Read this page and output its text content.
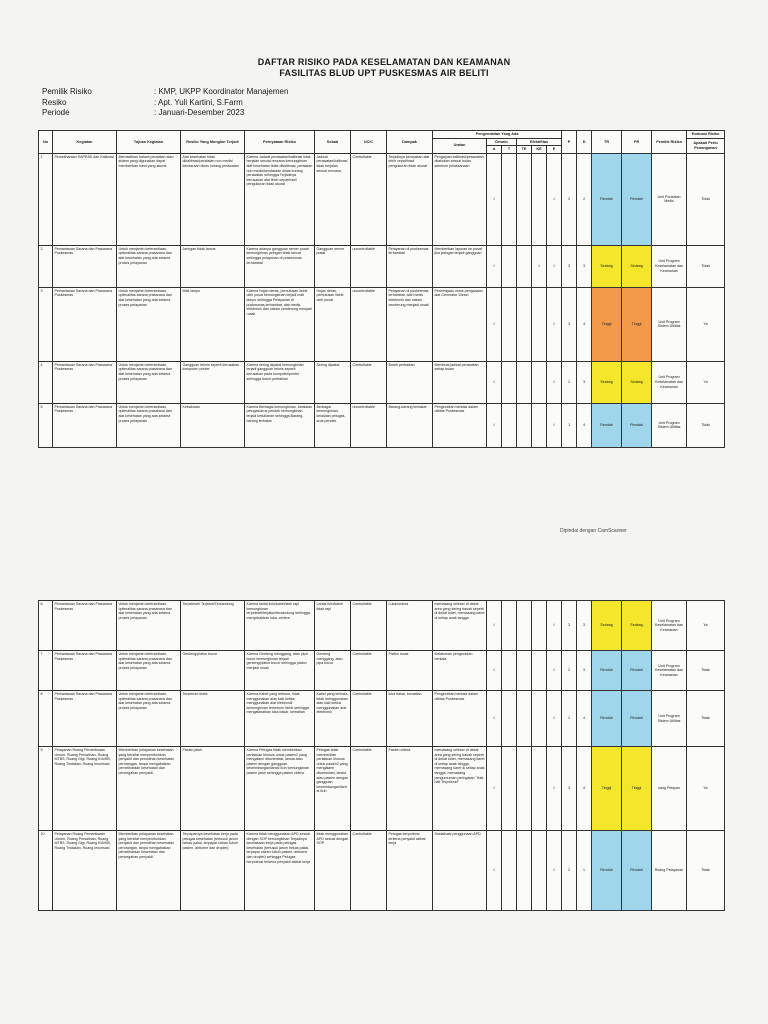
DAFTAR RISIKO PADA KESELAMATAN DAN KEAMANAN
FASILITAS BLUD UPT PUSKESMAS AIR BELITI
Pemilik Risiko	: KMP, UKPP Koordinator Manajemen
Resiko	: Apt. Yuli Kartini, S.Farm
Periode	: Januari-Desember 2023
No	Kegiatan	Tujuan Kegiatan	Resiko Yang Mungkin Terjadi	Pernyataan Risiko	Sebab	UC/C	Dampak	Pengendalian Yang Ada						P	D	TR	PR	Pemilik Risiko	Evaluasi Risiko
								Uraian	Desain		Efektifitas								Apakah Perlu Penanganan
									A	T	TE	KE	E						
1	Pemeliharaan SAPRAS dan Kalibrasi	Memastikan bahwa peralatan atau sistem yang digunakan dapat memberikan hasil yang akurat	Alat kesehatan tidak dikalibrasi/peralatan non medis/ kendaraan dinas kurang perawatan	Karena Jadwal perawatan/kalibrasi tidak berjalan sesuai rencana kemungkinan alat kesehatan tidak dikalibrasi, peralatan non medis/kendaraan dinas kurang perawatan sehingga Terjadinya kerusakan alat lebih cepat/hasil pengukuran tidak akurat	Jadwal perawatan/kalibrasi tidak berjalan sesuai rencana	Controllable	Terjadinya kerusakan alat lebih cepat/hasil pengukuran tidak akurat	Pengajuan kalibrasi/perawatan dilakukan sesuai bulan sebelum pelaksanaan	√				√	2	2	Rendah	Rendah	Unit Peralatan Medis	Tidak
2	Pemantauan Sarana dan Prasarana Puskesmas	Untuk menjamin ketersediaan, optimalitas sarana prasarana dan alat kesehatan yang ada selama proses pelayanan	Jaringan tidak lancar	Karena adanya gangguan server pusat kemungkinan jaringan tidak lancar sehingga pelayanan di puskesmas terhambat	Gangguan server pusat	uncontrollable	Pelayanan di puskesmas terhambat	Memberikan laporan ke pusat jika jaringan terjadi gangguan	√			√	√	3	3	Sedang	Sedang	Unit Program Keselamatan dan Keamanan	Tidak
3	Pemantauan Sarana dan Prasarana Puskesmas	Untuk menjamin ketersediaan, optimalitas sarana prasarana dan alat kesehatan yang ada selama proses pelayanan	Mati lampu	Karena Hujan deras, pemutusan listrik oleh pusat kemungkinan terjadi mati lampu sehingga Pelayanan di puskesmas terhambat, alat medis, elektronik dan vaksin cenderung menjadi rusak	Hujan deras, pemutusan listrik oleh pusat	uncontrollable	Pelayanan di puskesmas terhambat, alat medis elektronik dan vaksin cenderung menjadi rusak	Peremajaan untuk pengadaan alat Generator Diesel	√				√	3	4	Tinggi	Tinggi	Unit Program Sistem Utilitas	Ya
4	Pemantauan Sarana dan Prasarana Puskesmas	Untuk menjamin ketersediaan, optimalitas sarana prasarana dan alat kesehatan yang ada selama proses pelayanan	Gangguan teknis seperti kerusakan komputer/ printer	Karena sering dipakai kemungkinan terjadi gangguan teknis seperti kerusakan pada komputer/printer sehingga butuh perbaikan	Sering dipakai	Controllable	Butuh perbaikan	Membuat jadwal perawatan setiap bulan	√				√	2	3	Sedang	Sedang	Unit Program Keselamatan dan Keamanan	Ya
5	Pemantauan Sarana dan Prasarana Puskesmas	Untuk menjamin ketersediaan, optimalitas sarana prasarana dan alat kesehatan yang ada selama proses pelayanan	Kebakaran	Karena Berbagai kemungkinan, kelalaian petugas/arus pendek kemungkinan terjadi kebakaran sehingga Barang-barang terbakar	Berbagai kemungkinan, kelalaian petugas, arus pendek	uncontrollable	Barang-barang terbakar	Pengecekan berkala dalam utilitas Puskesmas	√				√	1	4	Rendah	Rendah	Unit Program Sistem Utilitas	Tidak
Dipindai dengan CamScanner
6	Pemantauan Sarana dan Prasarana Puskesmas	Untuk menjamin ketersediaan, optimalitas sarana prasarana dan alat kesehatan yang ada selama proses pelayanan	Terpeleset/ Terjatuh/Tersandung	Karena lantai licin/kabel/stek rapi kemungkinan terpeleset/terjatuh/tersandung sehingga menyebabkan luka, cedera	Lantai licin/kabel tidak rapi	Controllable	Luka/cedera	memasang seleser di dekat area yang sering basah seperti di dekat toilet, memasang karet di setiap anak tangga	√				√	3	3	Sedang	Sedang	Unit Program Keselamatan dan Keamanan	Ya
7	Pemantauan Sarana dan Prasarana Puskesmas	Untuk menjamin ketersediaan, optimalitas sarana prasarana dan alat kesehatan yang ada selama proses pelayanan	Genteng/plafon bocor	Karena Genteng menggang, atau pipa bocor kemungkinan terjadi genteng/plafon bocor sehingga plafon menjadi rusak	Genteng menggang, atau pipa bocor	Controllable	Plafon rusak	Melakukan pengecekan berkala	√				√	2	3	Rendah	Rendah	Unit Program Keselamatan dan Keamanan	Tidak
8	Pemantauan Sarana dan Prasarana Puskesmas	Untuk menjamin ketersediaan, optimalitas sarana prasarana dan alat kesehatan yang ada selama proses pelayanan	Tersetrum listrik	Karena Kabel yang terbuka, tidak menggunakan alas kaki ketika menggunakan alat elektronik kemungkinan tersetrum listrik sehingga mengakibatkan luka bakar, kematian	Kabel yang terbuka, tidak menggunakan alas kaki ketika menggunakan alat elektronik	Controllable	luka bakar, kematian	Pengecekan berkala dalam utilitas Puskesmas	√				√	1	4	Rendah	Rendah	Unit Program Sistem Utilitas	Tidak
9	Pelayanan Ruang Pemeriksaan Umum, Ruang Persalinan, Ruang MTBS, Ruang Gigi, Ruang KIA/KB, Ruang Tindakan, Ruang Imunisasi	Memberikan pelayanan kesehatan yang bersifat menyembuhkan penyakit dan pemulihan kesehatan perorangan, tanpa mengabaikan pemeliharaan kesehatan dan pencegahan penyakit.	Pasien jatuh	Karena Petugas tidak memberikan perlakuan khusus untuk pasien2 yang mengalami disorientasi, lansia atau pasien dengan gangguan keseimbangan/lantai licin kemungkinan pasien jatuh sehingga pasien cidera	Petugas tidak memberikan perlakuan khusus untuk pasien2 yang mengalami disorientasi, lansia atau pasien dengan gangguan keseimbangan/lantai licin	Controllable	Pasien cidera	memasang seleser di dekat area yang sering basah seperti di dekat toilet, memasang karet di setiap anak tangga, memasang karet di setiap anak tangga, memasang pengumuman peringatan "Hati-hati Terpeleset"	√				√	3	4	Tinggi	Tinggi	uang Pelayan	Ya
10	Pelayanan Ruang Pemeriksaan Umum, Ruang Persalinan, Ruang MTBS, Ruang Gigi, Ruang KIA/KB, Ruang Tindakan, Ruang Imunisasi	Memberikan pelayanan kesehatan yang bersifat menyembuhkan penyakit dan pemulihan kesehatan perorangan, tanpa mengabaikan pemeliharaan kesehatan dan pencegahan penyakit.	Terpaparnya kesehatan kerja pada petugas kesehatan (tertusuk jarum bekas pakai, terpapar cairan tubuh pasien, airborne dan droplet)	Karena tidak menggunakan APD sesuai dengan SOP kemungkinan Terjadinya kecelakaan kerja pada petugas kesehatan (tertusuk jarum bekas pakai, terpapar cairan tubuh pasien, airborne dan droplet) sehingga Petugas berpotensi terkena penyakit akibat kerja	tidak menggunakan APD sesuai dengan SOP	Controllable	Petugas berpotensi terkena penyakit akibat kerja	Sosialisasi penggunaan APD	√				√	2	1	Rendah	Rendah	Ruang Pelayanan	Tidak
